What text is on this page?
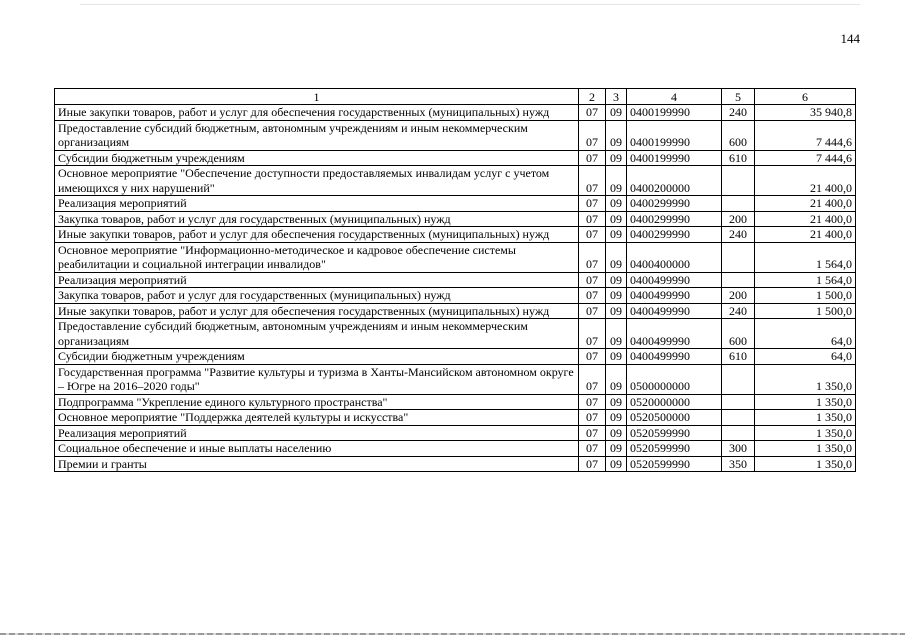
144
1	2	3	4	5	6
Иные закупки товаров, работ и услуг для обеспечения государственных (муниципальных) нужд	07	09	0400199990	240	35 940,8
Предоставление субсидий бюджетным, автономным учреждениям и иным некоммерческим организациям	07	09	0400199990	600	7 444,6
Субсидии бюджетным учреждениям	07	09	0400199990	610	7 444,6
Основное мероприятие "Обеспечение доступности предоставляемых инвалидам услуг с учетом имеющихся у них нарушений"	07	09	0400200000		21 400,0
Реализация мероприятий	07	09	0400299990		21 400,0
Закупка товаров, работ и услуг для государственных (муниципальных) нужд	07	09	0400299990	200	21 400,0
Иные закупки товаров, работ и услуг для обеспечения государственных (муниципальных) нужд	07	09	0400299990	240	21 400,0
Основное мероприятие "Информационно-методическое и кадровое обеспечение системы реабилитации и социальной интеграции инвалидов"	07	09	0400400000		1 564,0
Реализация мероприятий	07	09	0400499990		1 564,0
Закупка товаров, работ и услуг для государственных (муниципальных) нужд	07	09	0400499990	200	1 500,0
Иные закупки товаров, работ и услуг для обеспечения государственных (муниципальных) нужд	07	09	0400499990	240	1 500,0
Предоставление субсидий бюджетным, автономным учреждениям и иным некоммерческим организациям	07	09	0400499990	600	64,0
Субсидии бюджетным учреждениям	07	09	0400499990	610	64,0
Государственная программа "Развитие культуры и туризма в Ханты-Мансийском автономном округе – Югре на 2016–2020 годы"	07	09	0500000000		1 350,0
Подпрограмма "Укрепление единого культурного пространства"	07	09	0520000000		1 350,0
Основное мероприятие "Поддержка деятелей культуры и искусства"	07	09	0520500000		1 350,0
Реализация мероприятий	07	09	0520599990		1 350,0
Социальное обеспечение и иные выплаты населению	07	09	0520599990	300	1 350,0
Премии и гранты	07	09	0520599990	350	1 350,0
